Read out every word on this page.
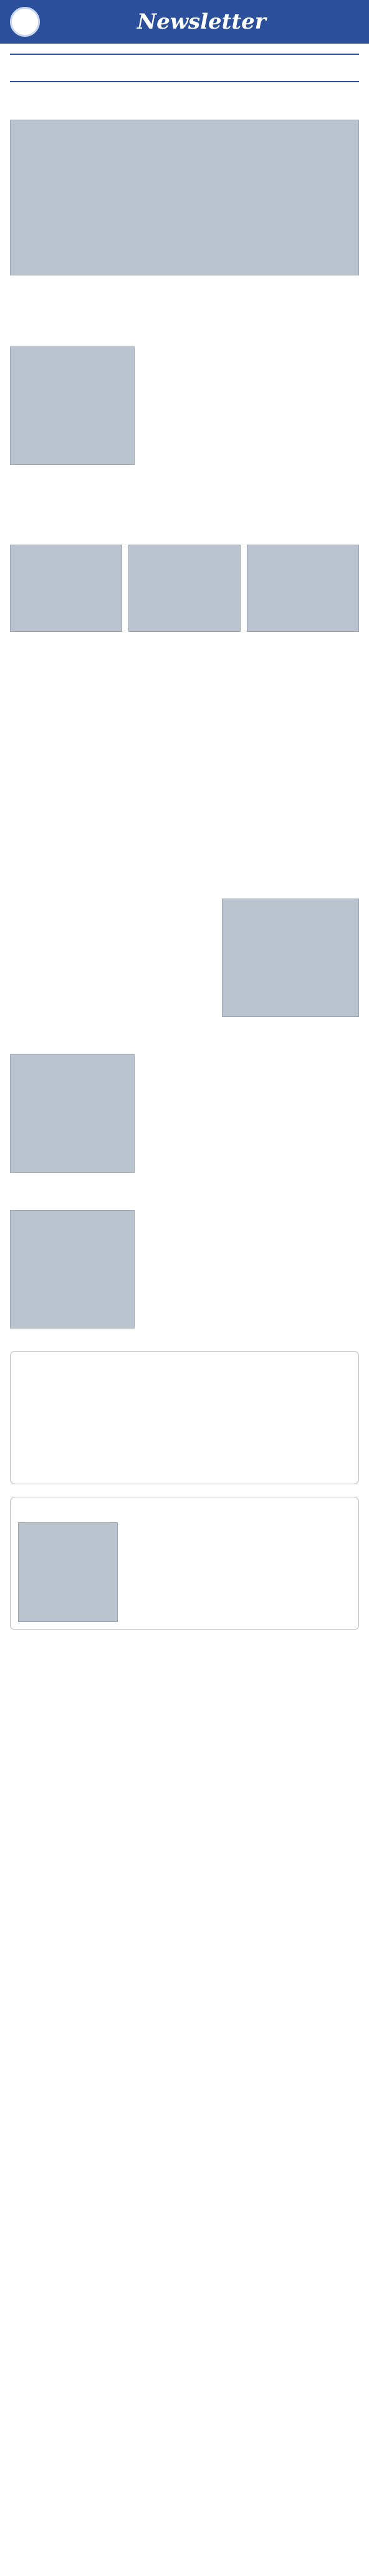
Newsletter
